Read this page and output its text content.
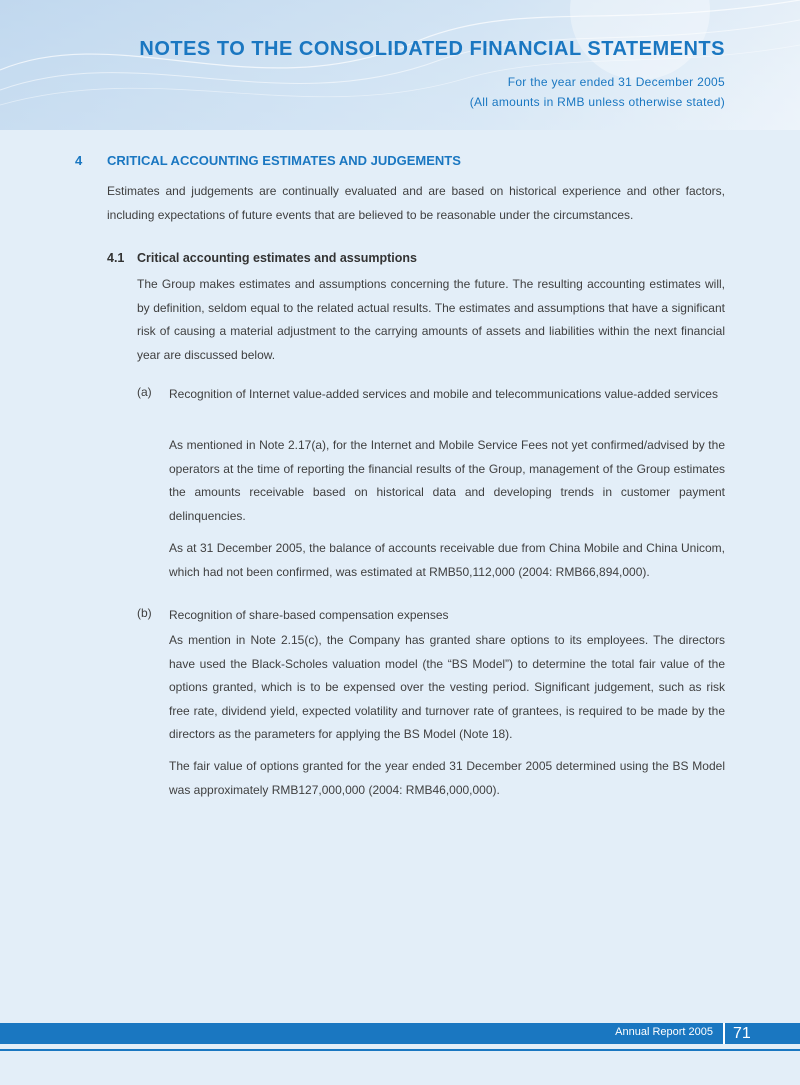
NOTES TO THE CONSOLIDATED FINANCIAL STATEMENTS
For the year ended 31 December 2005
(All amounts in RMB unless otherwise stated)
4 CRITICAL ACCOUNTING ESTIMATES AND JUDGEMENTS
Estimates and judgements are continually evaluated and are based on historical experience and other factors, including expectations of future events that are believed to be reasonable under the circumstances.
4.1 Critical accounting estimates and assumptions
The Group makes estimates and assumptions concerning the future. The resulting accounting estimates will, by definition, seldom equal to the related actual results. The estimates and assumptions that have a significant risk of causing a material adjustment to the carrying amounts of assets and liabilities within the next financial year are discussed below.
(a) Recognition of Internet value-added services and mobile and telecommunications value-added services
As mentioned in Note 2.17(a), for the Internet and Mobile Service Fees not yet confirmed/advised by the operators at the time of reporting the financial results of the Group, management of the Group estimates the amounts receivable based on historical data and developing trends in customer payment delinquencies.
As at 31 December 2005, the balance of accounts receivable due from China Mobile and China Unicom, which had not been confirmed, was estimated at RMB50,112,000 (2004: RMB66,894,000).
(b) Recognition of share-based compensation expenses
As mention in Note 2.15(c), the Company has granted share options to its employees. The directors have used the Black-Scholes valuation model (the “BS Model”) to determine the total fair value of the options granted, which is to be expensed over the vesting period. Significant judgement, such as risk free rate, dividend yield, expected volatility and turnover rate of grantees, is required to be made by the directors as the parameters for applying the BS Model (Note 18).
The fair value of options granted for the year ended 31 December 2005 determined using the BS Model was approximately RMB127,000,000 (2004: RMB46,000,000).
Annual Report 2005 71
